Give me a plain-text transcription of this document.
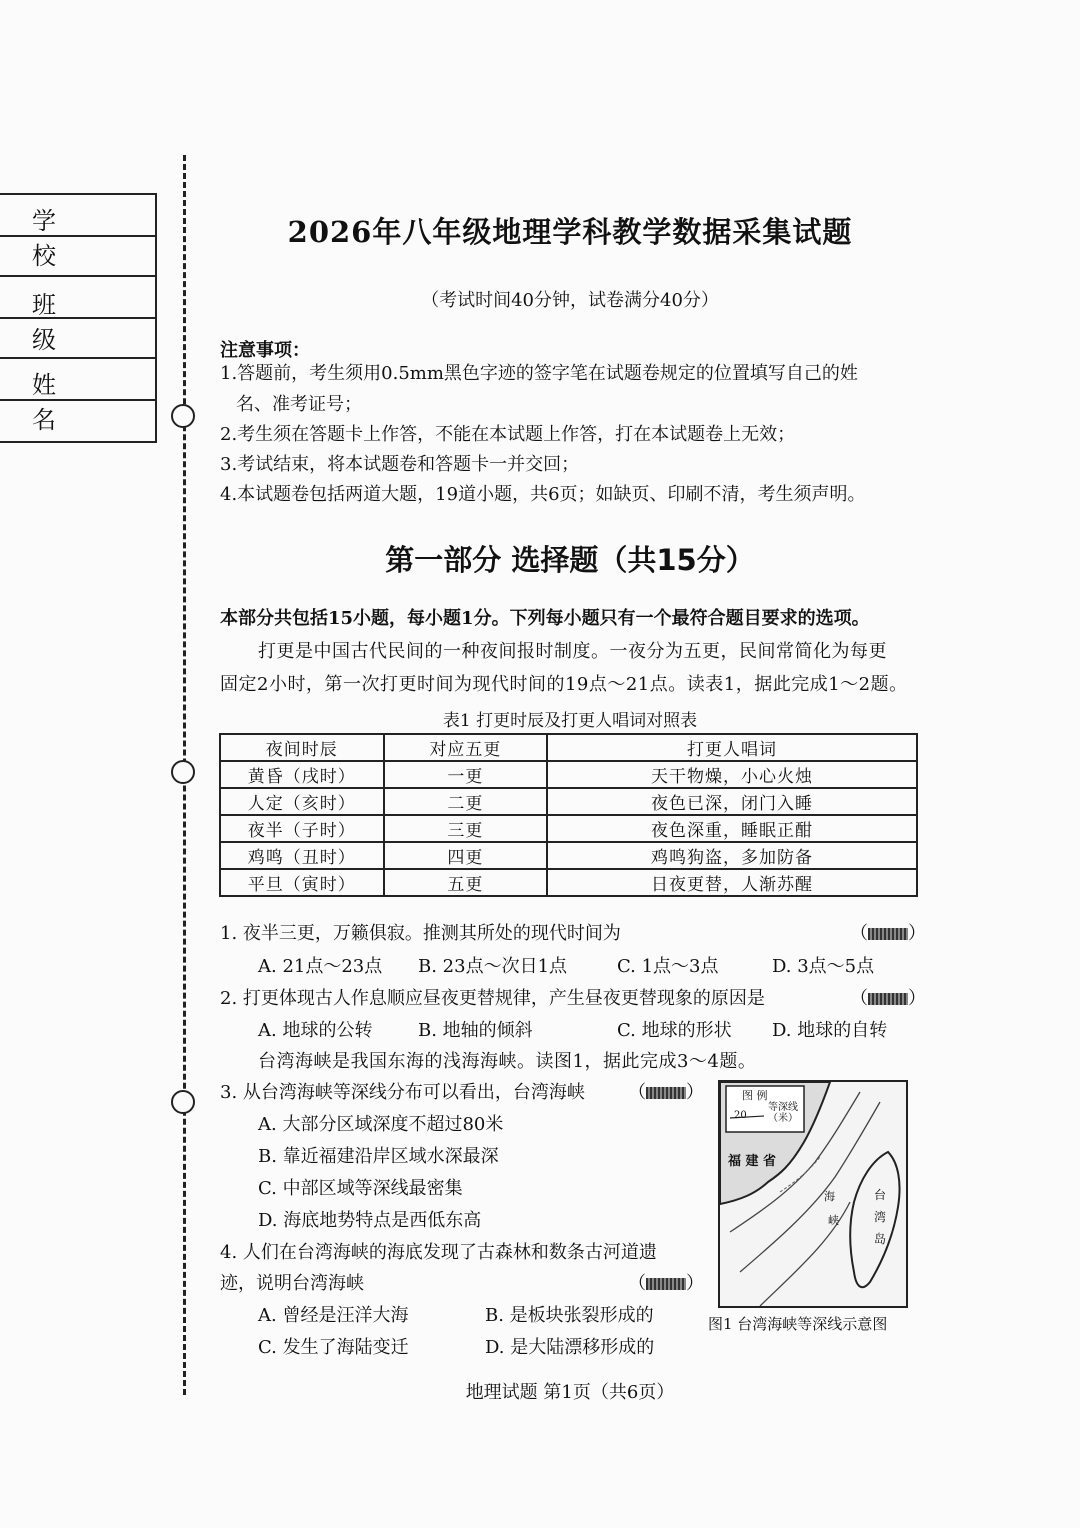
学校
班级
姓名
2026年八年级地理学科教学数据采集试题
（考试时间40分钟，试卷满分40分）
注意事项：
1.答题前，考生须用0.5mm黑色字迹的签字笔在试题卷规定的位置填写自己的姓
名、准考证号；
2.考生须在答题卡上作答，不能在本试题上作答，打在本试题卷上无效；
3.考试结束，将本试题卷和答题卡一并交回；
4.本试题卷包括两道大题，19道小题，共6页；如缺页、印刷不清，考生须声明。
第一部分 选择题（共15分）
本部分共包括15小题，每小题1分。下列每小题只有一个最符合题目要求的选项。
打更是中国古代民间的一种夜间报时制度。一夜分为五更，民间常简化为每更
固定2小时，第一次打更时间为现代时间的19点～21点。读表1，据此完成1～2题。
表1 打更时辰及打更人唱词对照表
夜间时辰	对应五更	打更人唱词
黄昏（戌时）	一更	天干物燥，小心火烛
人定（亥时）	二更	夜色已深，闭门入睡
夜半（子时）	三更	夜色深重，睡眠正酣
鸡鸣（丑时）	四更	鸡鸣狗盗，多加防备
平旦（寅时）	五更	日夜更替，人渐苏醒
1. 夜半三更，万籁俱寂。推测其所处的现代时间为	（ ）
A. 21点～23点 B. 23点～次日1点	C. 1点～3点	D. 3点～5点
2. 打更体现古人作息顺应昼夜更替规律，产生昼夜更替现象的原因是	（ ）
A. 地球的公转	B. 地轴的倾斜	C. 地球的形状 D. 地球的自转
台湾海峡是我国东海的浅海海峡。读图1，据此完成3～4题。
3. 从台湾海峡等深线分布可以看出，台湾海峡 （ ）
A. 大部分区域深度不超过80米
B. 靠近福建沿岸区域水深最深
C. 中部区域等深线最密集
D. 海底地势特点是西低东高
4. 人们在台湾海峡的海底发现了古森林和数条古河道遗
迹，说明台湾海峡	（ ）
A. 曾经是汪洋大海	B. 是板块张裂形成的
C. 发生了海陆变迁	D. 是大陆漂移形成的
图 例
20
等深线（米）
福 建 省
海
峡
台
湾
岛
图1 台湾海峡等深线示意图
地理试题 第1页（共6页）
